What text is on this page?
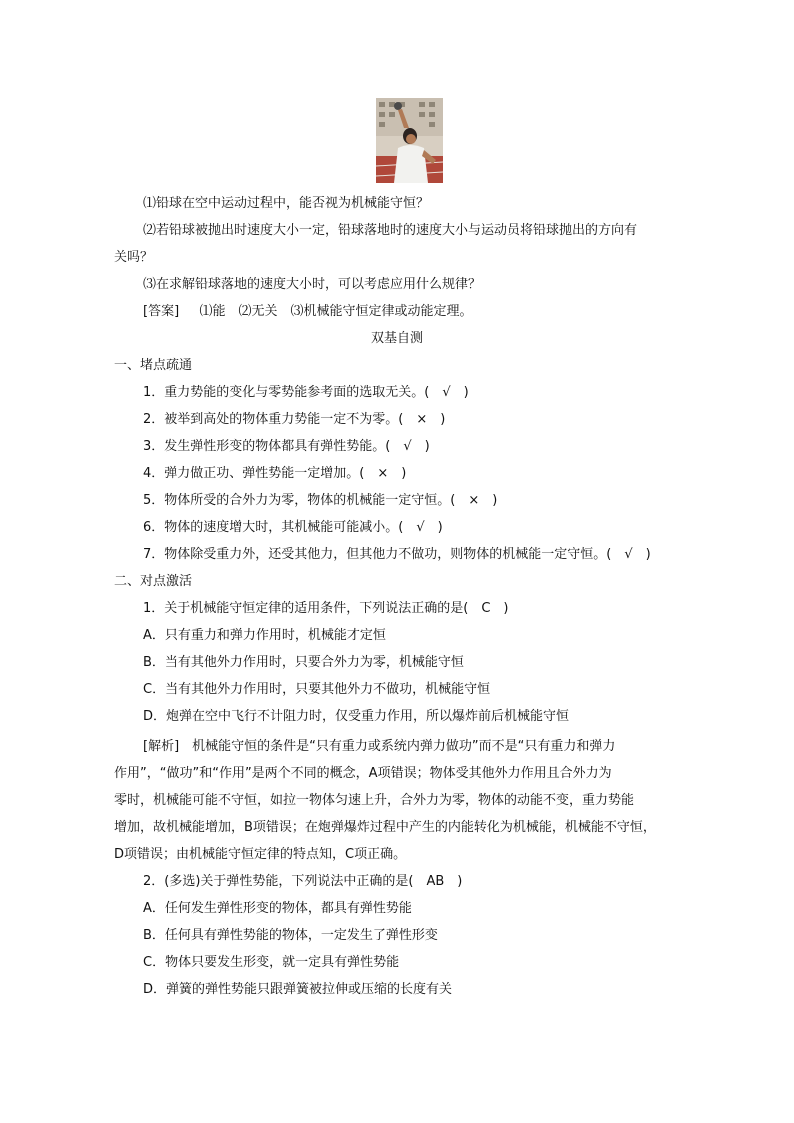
⑴铅球在空中运动过程中，能否视为机械能守恒？
⑵若铅球被抛出时速度大小一定，铅球落地时的速度大小与运动员将铅球抛出的方向有
关吗？
⑶在求解铅球落地的速度大小时，可以考虑应用什么规律？
[答案] ⑴能　⑵无关　⑶机械能守恒定律或动能定理。
双基自测
一、堵点疏通
1．重力势能的变化与零势能参考面的选取无关。(　√　)
2．被举到高处的物体重力势能一定不为零。(　×　)
3．发生弹性形变的物体都具有弹性势能。(　√　)
4．弹力做正功、弹性势能一定增加。(　×　)
5．物体所受的合外力为零，物体的机械能一定守恒。(　×　)
6．物体的速度增大时，其机械能可能减小。(　√　)
7．物体除受重力外，还受其他力，但其他力不做功，则物体的机械能一定守恒。(　√　)
二、对点激活
1．关于机械能守恒定律的适用条件，下列说法正确的是(　C　)
A．只有重力和弹力作用时，机械能才定恒
B．当有其他外力作用时，只要合外力为零，机械能守恒
C．当有其他外力作用时，只要其他外力不做功，机械能守恒
D．炮弹在空中飞行不计阻力时，仅受重力作用，所以爆炸前后机械能守恒
[解析]　机械能守恒的条件是“只有重力或系统内弹力做功”而不是“只有重力和弹力
作用”，“做功”和“作用”是两个不同的概念，A项错误；物体受其他外力作用且合外力为
零时，机械能可能不守恒，如拉一物体匀速上升，合外力为零，物体的动能不变，重力势能
增加，故机械能增加，B项错误；在炮弹爆炸过程中产生的内能转化为机械能，机械能不守恒，
D项错误；由机械能守恒定律的特点知，C项正确。
2．(多选)关于弹性势能，下列说法中正确的是(　AB　)
A．任何发生弹性形变的物体，都具有弹性势能
B．任何具有弹性势能的物体，一定发生了弹性形变
C．物体只要发生形变，就一定具有弹性势能
D．弹簧的弹性势能只跟弹簧被拉伸或压缩的长度有关
